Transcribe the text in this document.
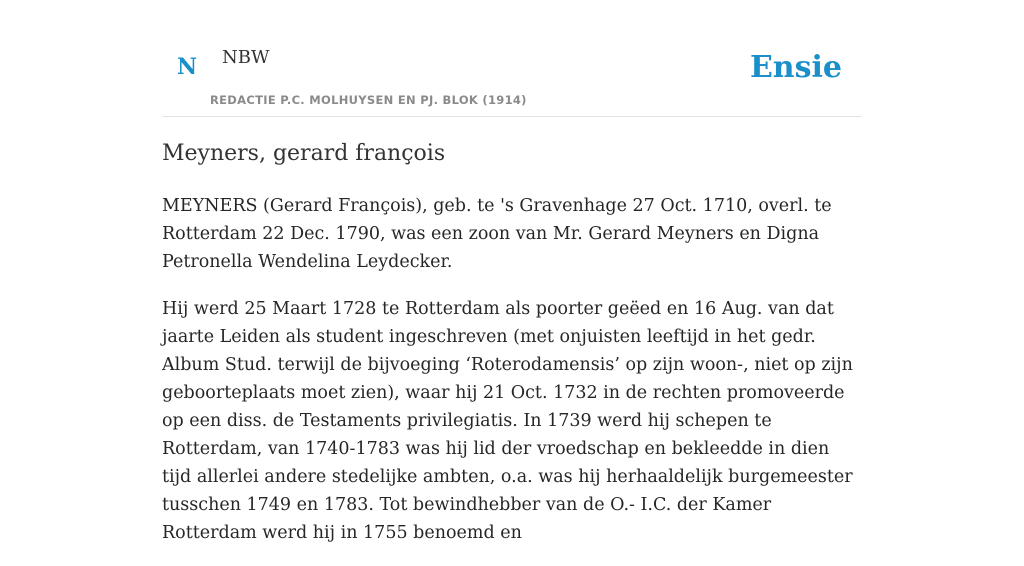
N NBW
REDACTIE P.C. MOLHUYSEN EN PJ. BLOK (1914)
Ensie
Meyners, gerard françois

MEYNERS (Gerard François), geb. te 's Gravenhage 27 Oct. 1710, overl. te Rotterdam 22 Dec. 1790, was een zoon van Mr. Gerard Meyners en Digna Petronella Wendelina Leydecker.

Hij werd 25 Maart 1728 te Rotterdam als poorter geëed en 16 Aug. van dat jaarte Leiden als student ingeschreven (met onjuisten leeftijd in het gedr. Album Stud. terwijl de bijvoeging ‘Roterodamensis’ op zijn woon-, niet op zijn geboorteplaats moet zien), waar hij 21 Oct. 1732 in de rechten promoveerde op een diss. de Testaments privilegiatis. In 1739 werd hij schepen te Rotterdam, van 1740-1783 was hij lid der vroedschap en bekleedde in dien tijd allerlei andere stedelijke ambten, o.a. was hij herhaaldelijk burgemeester tusschen 1749 en 1783. Tot bewindhebber van de O.- I.C. der Kamer Rotterdam werd hij in 1755 benoemd en
